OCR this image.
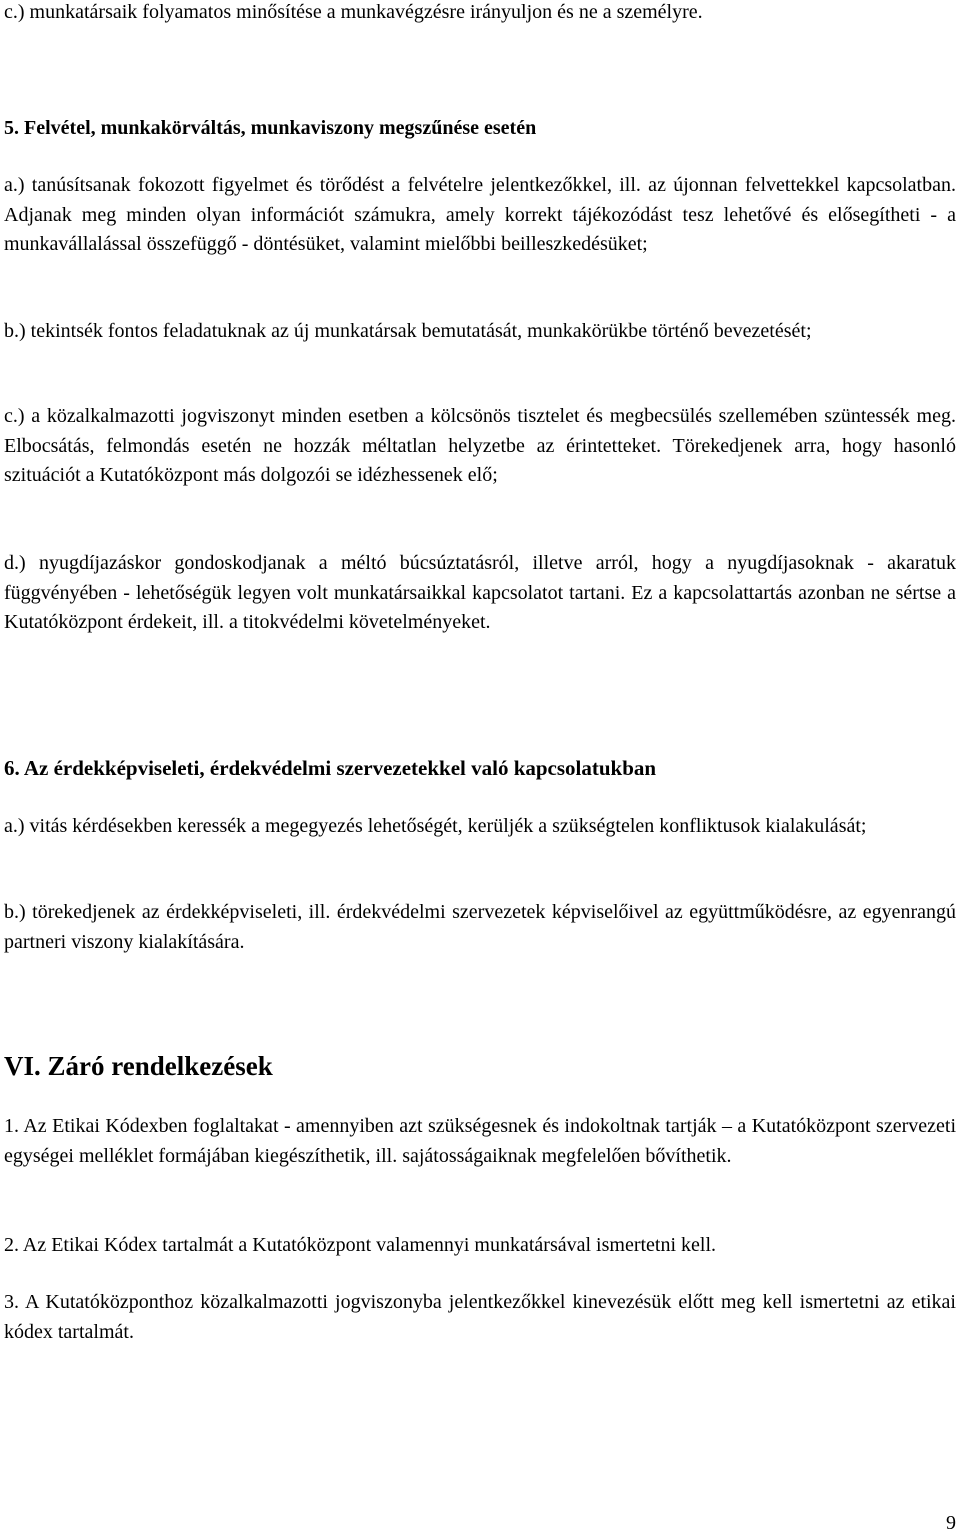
c.) munkatársaik folyamatos minősítése a munkavégzésre irányuljon és ne a személyre.

5. Felvétel, munkakörváltás, munkaviszony megszűnése esetén

a.) tanúsítsanak fokozott figyelmet és törődést a felvételre jelentkezőkkel, ill. az újonnan felvettekkel kapcsolatban. Adjanak meg minden olyan információt számukra, amely korrekt tájékozódást tesz lehetővé és elősegítheti - a munkavállalással összefüggő - döntésüket, valamint mielőbbi beilleszkedésüket;

b.) tekintsék fontos feladatuknak az új munkatársak bemutatását, munkakörükbe történő bevezetését;

c.) a közalkalmazotti jogviszonyt minden esetben a kölcsönös tisztelet és megbecsülés szellemében szüntessék meg. Elbocsátás, felmondás esetén ne hozzák méltatlan helyzetbe az érintetteket. Törekedjenek arra, hogy hasonló szituációt a Kutatóközpont más dolgozói se idézhessenek elő;

d.) nyugdíjazáskor gondoskodjanak a méltó búcsúztatásról, illetve arról, hogy a nyugdíjasoknak - akaratuk függvényében - lehetőségük legyen volt munkatársaikkal kapcsolatot tartani. Ez a kapcsolattartás azonban ne sértse a Kutatóközpont érdekeit, ill. a titokvédelmi követelményeket.

6. Az érdekképviseleti, érdekvédelmi szervezetekkel való kapcsolatukban

a.) vitás kérdésekben keressék a megegyezés lehetőségét, kerüljék a szükségtelen konfliktusok kialakulását;

b.) törekedjenek az érdekképviseleti, ill. érdekvédelmi szervezetek képviselőivel az együttműködésre, az egyenrangú partneri viszony kialakítására.

VI. Záró rendelkezések

1. Az Etikai Kódexben foglaltakat - amennyiben azt szükségesnek és indokoltnak tartják – a Kutatóközpont szervezeti egységei melléklet formájában kiegészíthetik, ill. sajátosságaiknak megfelelően bővíthetik.

2. Az Etikai Kódex tartalmát a Kutatóközpont valamennyi munkatársával ismertetni kell.

3. A Kutatóközponthoz közalkalmazotti jogviszonyba jelentkezőkkel kinevezésük előtt meg kell ismertetni az etikai kódex tartalmát.

9
